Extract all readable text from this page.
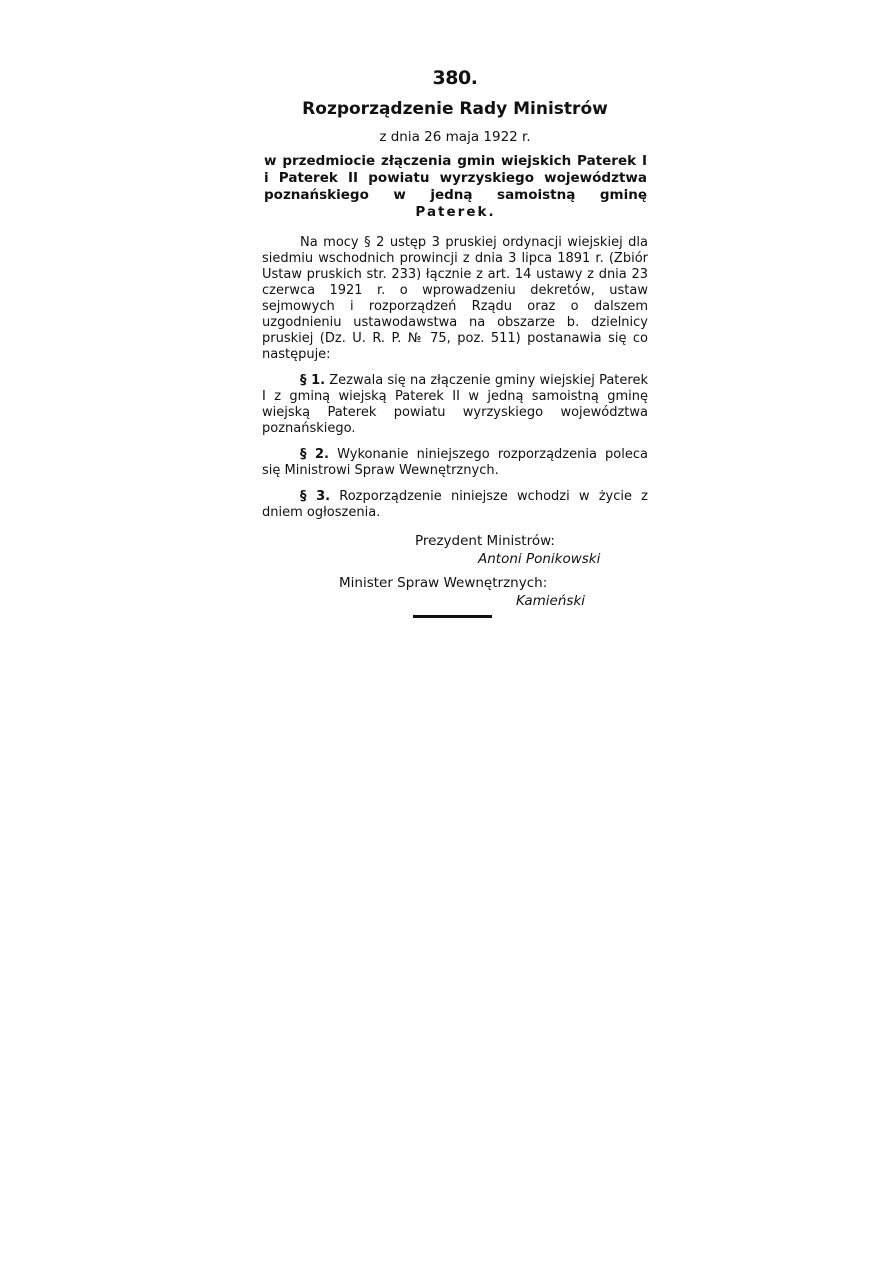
380.

Rozporządzenie Rady Ministrów

z dnia 26 maja 1922 r.

w przedmiocie złączenia gmin wiejskich Paterek I i Paterek II powiatu wyrzyskiego województwa poznańskiego w jedną samoistną gminę Paterek.

Na mocy § 2 ustęp 3 pruskiej ordynacji wiejskiej dla siedmiu wschodnich prowincji z dnia 3 lipca 1891 r. (Zbiór Ustaw pruskich str. 233) łącznie z art. 14 ustawy z dnia 23 czerwca 1921 r. o wprowadzeniu dekretów, ustaw sejmowych i rozporządzeń Rządu oraz o dalszem uzgodnieniu ustawodawstwa na obszarze b. dzielnicy pruskiej (Dz. U. R. P. № 75, poz. 511) postanawia się co następuje:

§ 1. Zezwala się na złączenie gminy wiejskiej Paterek I z gminą wiejską Paterek II w jedną samoistną gminę wiejską Paterek powiatu wyrzyskiego województwa poznańskiego.

§ 2. Wykonanie niniejszego rozporządzenia poleca się Ministrowi Spraw Wewnętrznych.

§ 3. Rozporządzenie niniejsze wchodzi w życie z dniem ogłoszenia.

Prezydent Ministrów:
Antoni Ponikowski
Minister Spraw Wewnętrznych:
Kamieński
